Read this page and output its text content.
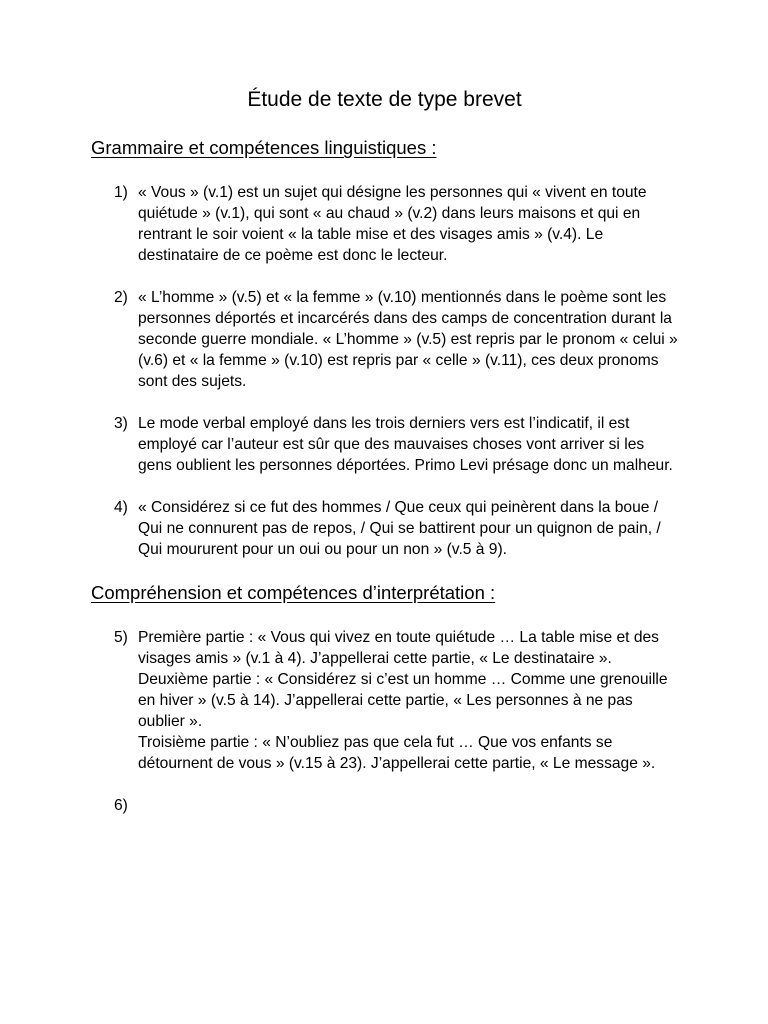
Étude de texte de type brevet
Grammaire et compétences linguistiques :
1) « Vous » (v.1) est un sujet qui désigne les personnes qui « vivent en toute quiétude » (v.1), qui sont « au chaud » (v.2) dans leurs maisons et qui en rentrant le soir voient « la table mise et des visages amis » (v.4). Le destinataire de ce poème est donc le lecteur.

2) « L’homme » (v.5) et « la femme » (v.10) mentionnés dans le poème sont les personnes déportés et incarcérés dans des camps de concentration durant la seconde guerre mondiale. « L’homme » (v.5) est repris par le pronom « celui » (v.6) et « la femme » (v.10) est repris par « celle » (v.11), ces deux pronoms sont des sujets.

3) Le mode verbal employé dans les trois derniers vers est l’indicatif, il est employé car l’auteur est sûr que des mauvaises choses vont arriver si les gens oublient les personnes déportées. Primo Levi présage donc un malheur.

4) « Considérez si ce fut des hommes / Que ceux qui peinèrent dans la boue / Qui ne connurent pas de repos, / Qui se battirent pour un quignon de pain, / Qui moururent pour un oui ou pour un non » (v.5 à 9).

Compréhension et compétences d’interprétation :
5) Première partie : « Vous qui vivez en toute quiétude … La table mise et des visages amis » (v.1 à 4). J’appellerai cette partie, « Le destinataire ».

Deuxième partie : « Considérez si c’est un homme … Comme une grenouille en hiver » (v.5 à 14). J’appellerai cette partie, « Les personnes à ne pas oublier ».

Troisième partie : « N’oubliez pas que cela fut … Que vos enfants se détournent de vous » (v.15 à 23). J’appellerai cette partie, « Le message ».

6)
